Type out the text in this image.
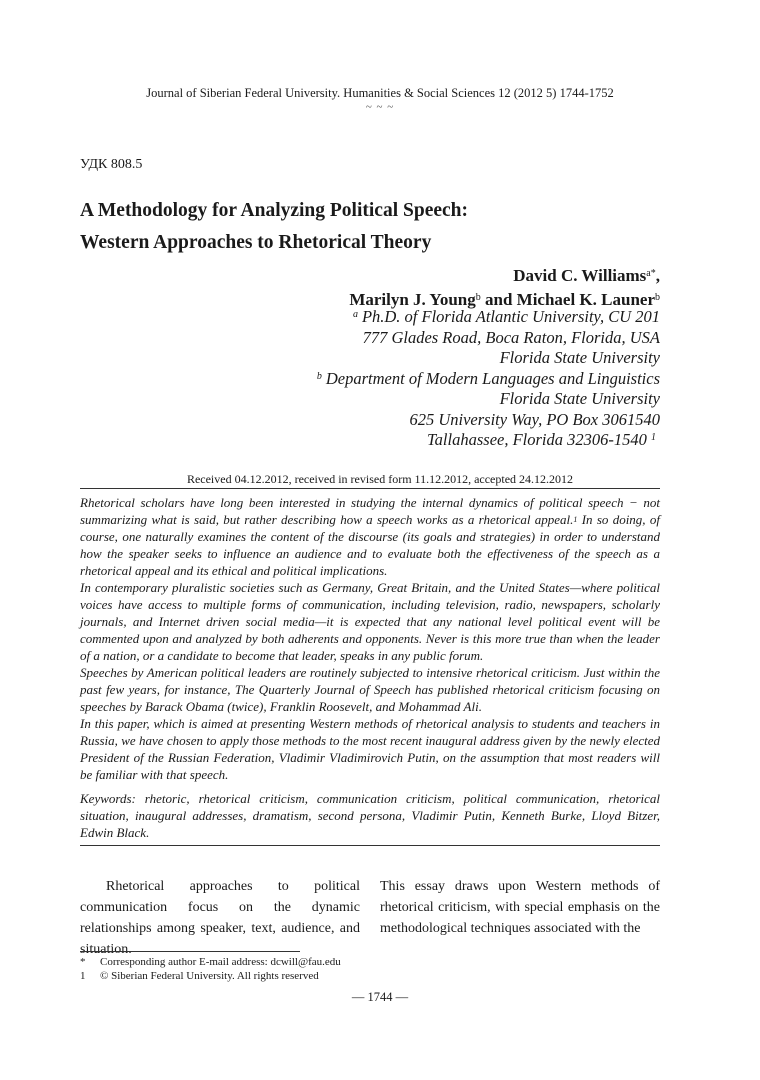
Journal of Siberian Federal University. Humanities & Social Sciences 12 (2012 5) 1744-1752
~ ~ ~
УДК 808.5
A Methodology for Analyzing Political Speech:
Western Approaches to Rhetorical Theory
David C. Williams$^{a*}$,
Marilyn J. Young$^b$ and Michael K. Launer$^b$
$^a$ Ph.D. of Florida Atlantic University, CU 201
777 Glades Road, Boca Raton, Florida, USA
Florida State University
$^b$ Department of Modern Languages and Linguistics
Florida State University
625 University Way, PO Box 3061540
Tallahassee, Florida 32306-1540 $^1$
Received 04.12.2012, received in revised form 11.12.2012, accepted 24.12.2012

Rhetorical scholars have long been interested in studying the internal dynamics of political speech − not summarizing what is said, but rather describing how a speech works as a rhetorical appeal.$^1$ In so doing, of course, one naturally examines the content of the discourse (its goals and strategies) in order to understand how the speaker seeks to influence an audience and to evaluate both the effectiveness of the speech as a rhetorical appeal and its ethical and political implications.

In contemporary pluralistic societies such as Germany, Great Britain, and the United States—where political voices have access to multiple forms of communication, including television, radio, newspapers, scholarly journals, and Internet driven social media—it is expected that any national level political event will be commented upon and analyzed by both adherents and opponents. Never is this more true than when the leader of a nation, or a candidate to become that leader, speaks in any public forum.

Speeches by American political leaders are routinely subjected to intensive rhetorical criticism. Just within the past few years, for instance, The Quarterly Journal of Speech has published rhetorical criticism focusing on speeches by Barack Obama (twice), Franklin Roosevelt, and Mohammad Ali.

In this paper, which is aimed at presenting Western methods of rhetorical analysis to students and teachers in Russia, we have chosen to apply those methods to the most recent inaugural address given by the newly elected President of the Russian Federation, Vladimir Vladimirovich Putin, on the assumption that most readers will be familiar with that speech.

Keywords: rhetoric, rhetorical criticism, communication criticism, political communication, rhetorical situation, inaugural addresses, dramatism, second persona, Vladimir Putin, Kenneth Burke, Lloyd Bitzer, Edwin Black.

Rhetorical approaches to political communication focus on the dynamic relationships among speaker, text, audience, and situation.

This essay draws upon Western methods of rhetorical criticism, with special emphasis on the methodological techniques associated with the

* Corresponding author E-mail address: dcwill@fau.edu
1 © Siberian Federal University. All rights reserved
— 1744 —
